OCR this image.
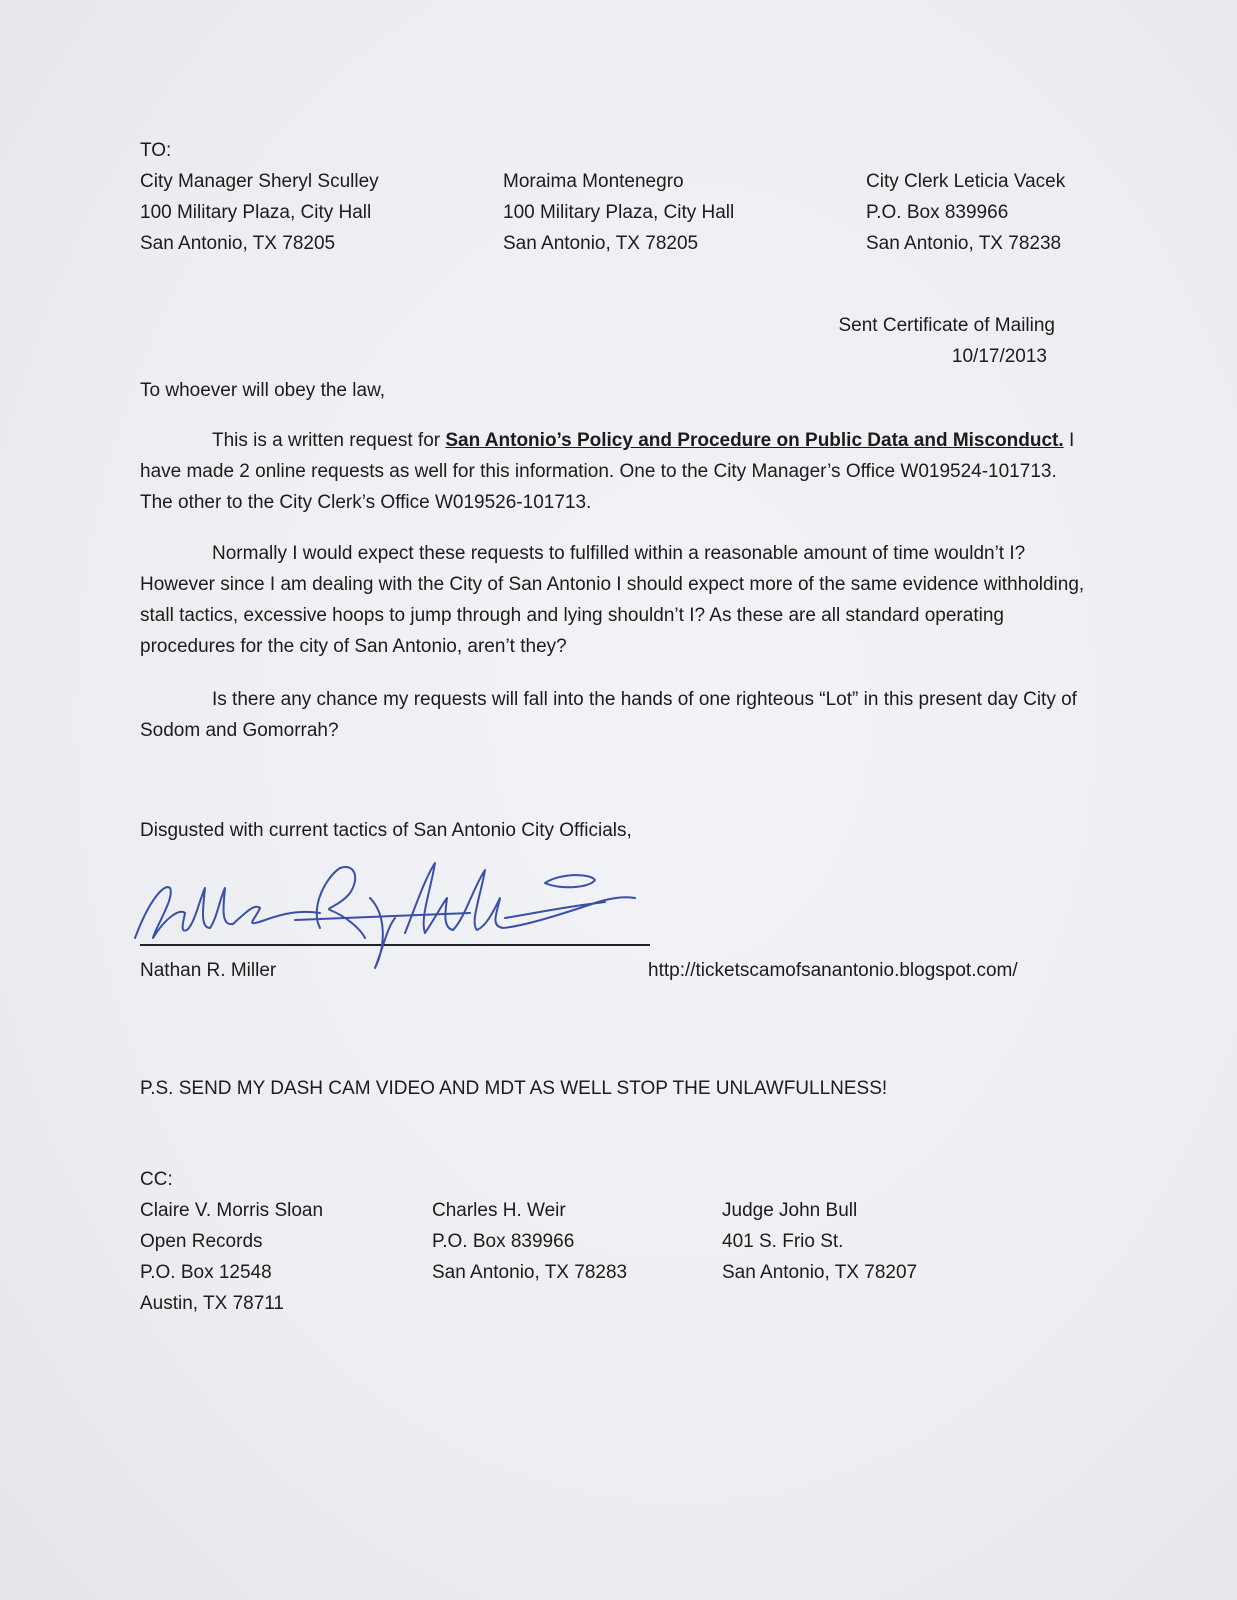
TO:
City Manager Sheryl Sculley
100 Military Plaza, City Hall
San Antonio, TX 78205
Moraima Montenegro
100 Military Plaza, City Hall
San Antonio, TX 78205
City Clerk Leticia Vacek
P.O. Box 839966
San Antonio, TX 78238
Sent Certificate of Mailing
10/17/2013
To whoever will obey the law,
This is a written request for San Antonio’s Policy and Procedure on Public Data and Misconduct. I have made 2 online requests as well for this information. One to the City Manager’s Office W019524-101713. The other to the City Clerk’s Office W019526-101713.
Normally I would expect these requests to fulfilled within a reasonable amount of time wouldn’t I? However since I am dealing with the City of San Antonio I should expect more of the same evidence withholding, stall tactics, excessive hoops to jump through and lying shouldn’t I? As these are all standard operating procedures for the city of San Antonio, aren’t they?
Is there any chance my requests will fall into the hands of one righteous “Lot” in this present day City of Sodom and Gomorrah?
Disgusted with current tactics of San Antonio City Officials,
Nathan R. Miller	http://ticketscamofsanantonio.blogspot.com/
P.S. SEND MY DASH CAM VIDEO AND MDT AS WELL STOP THE UNLAWFULLNESS!
CC:
Claire V. Morris Sloan
Open Records
P.O. Box 12548
Austin, TX 78711
Charles H. Weir
P.O. Box 839966
San Antonio, TX 78283
Judge John Bull
401 S. Frio St.
San Antonio, TX 78207
